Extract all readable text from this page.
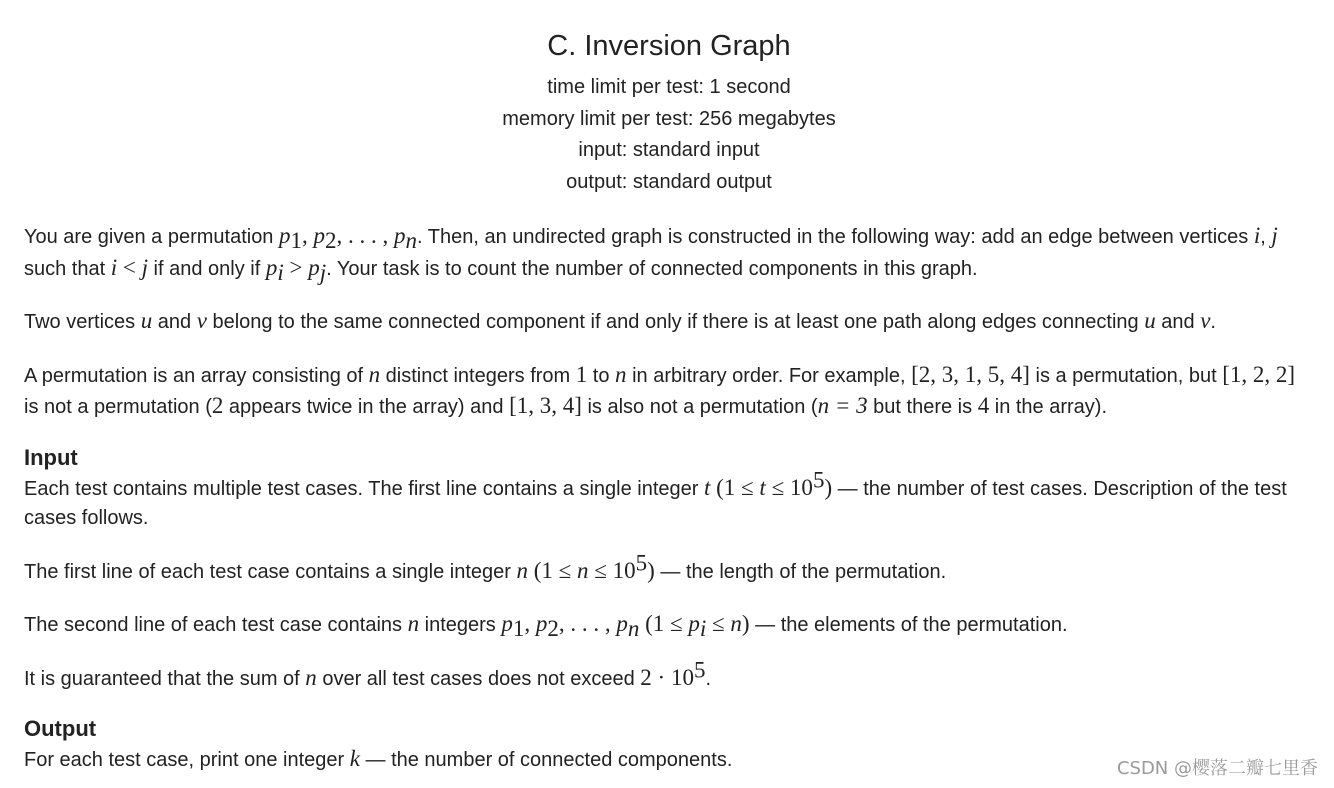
C. Inversion Graph
time limit per test: 1 second
memory limit per test: 256 megabytes
input: standard input
output: standard output

You are given a permutation $p_1$, $p_2$, . . . , $p_n$. Then, an undirected graph is constructed in the following way: add an edge between vertices i, j such that i < j if and only if $p_i > p_j$. Your task is to count the number of connected components in this graph.

Two vertices u and v belong to the same connected component if and only if there is at least one path along edges connecting u and v.

A permutation is an array consisting of n distinct integers from 1 to n in arbitrary order. For example, [2, 3, 1, 5, 4] is a permutation, but [1, 2, 2] is not a permutation (2 appears twice in the array) and [1, 3, 4] is also not a permutation (n = 3 but there is 4 in the array).

Input

Each test contains multiple test cases. The first line contains a single integer t $(1 \le t \le 10^5)$ — the number of test cases. Description of the test cases follows.

The first line of each test case contains a single integer n $(1 \le n \le 10^5)$ — the length of the permutation.

The second line of each test case contains n integers $p_1$, $p_2$, . . . , $p_n$ $(1 \le p_i \le n)$ — the elements of the permutation.

It is guaranteed that the sum of n over all test cases does not exceed $2 \cdot 10^5$.

Output

For each test case, print one integer k — the number of connected components.	CSDN @樱落二瓣七里香
